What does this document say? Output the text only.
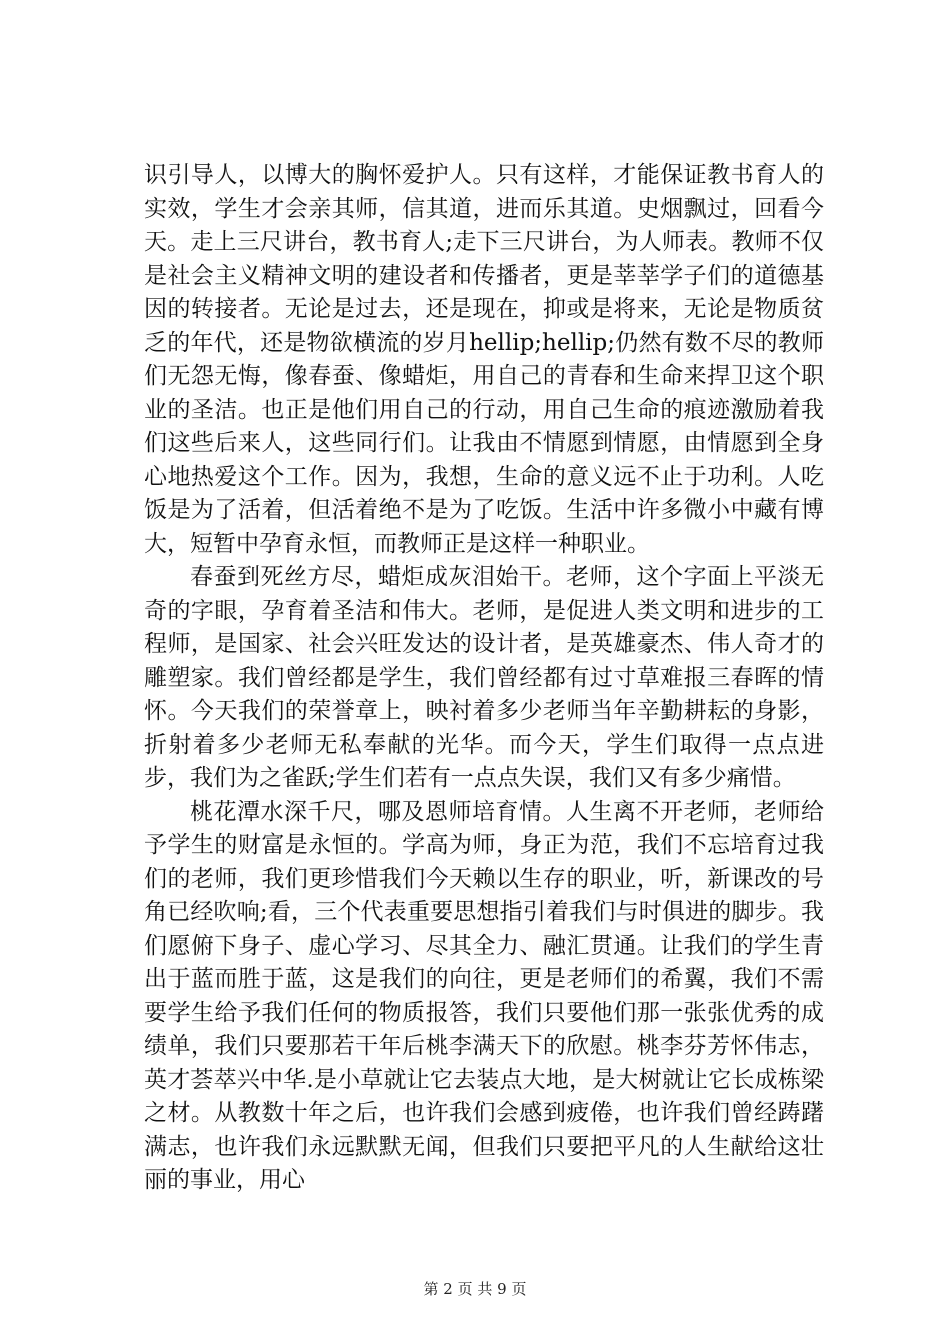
识引导人，以博大的胸怀爱护人。只有这样，才能保证教书育人的实效，学生才会亲其师，信其道，进而乐其道。史烟飘过，回看今天。走上三尺讲台，教书育人;走下三尺讲台，为人师表。教师不仅是社会主义精神文明的建设者和传播者，更是莘莘学子们的道德基因的转接者。无论是过去，还是现在，抑或是将来，无论是物质贫乏的年代，还是物欲横流的岁月hellip;hellip;仍然有数不尽的教师们无怨无悔，像春蚕、像蜡炬，用自己的青春和生命来捍卫这个职业的圣洁。也正是他们用自己的行动，用自己生命的痕迹激励着我们这些后来人，这些同行们。让我由不情愿到情愿，由情愿到全身心地热爱这个工作。因为，我想，生命的意义远不止于功利。人吃饭是为了活着，但活着绝不是为了吃饭。生活中许多微小中藏有博大，短暂中孕育永恒，而教师正是这样一种职业。

春蚕到死丝方尽，蜡炬成灰泪始干。老师，这个字面上平淡无奇的字眼，孕育着圣洁和伟大。老师，是促进人类文明和进步的工程师，是国家、社会兴旺发达的设计者，是英雄豪杰、伟人奇才的雕塑家。我们曾经都是学生，我们曾经都有过寸草难报三春晖的情怀。今天我们的荣誉章上，映衬着多少老师当年辛勤耕耘的身影，折射着多少老师无私奉献的光华。而今天，学生们取得一点点进步，我们为之雀跃;学生们若有一点点失误，我们又有多少痛惜。

桃花潭水深千尺，哪及恩师培育情。人生离不开老师，老师给予学生的财富是永恒的。学高为师，身正为范，我们不忘培育过我们的老师，我们更珍惜我们今天赖以生存的职业，听，新课改的号角已经吹响;看，三个代表重要思想指引着我们与时俱进的脚步。我们愿俯下身子、虚心学习、尽其全力、融汇贯通。让我们的学生青出于蓝而胜于蓝，这是我们的向往，更是老师们的希翼，我们不需要学生给予我们任何的物质报答，我们只要他们那一张张优秀的成绩单，我们只要那若干年后桃李满天下的欣慰。桃李芬芳怀伟志，英才荟萃兴中华.是小草就让它去装点大地，是大树就让它长成栋梁之材。从教数十年之后，也许我们会感到疲倦，也许我们曾经踌躇满志，也许我们永远默默无闻，但我们只要把平凡的人生献给这壮丽的事业，用心

第 2 页 共 9 页
